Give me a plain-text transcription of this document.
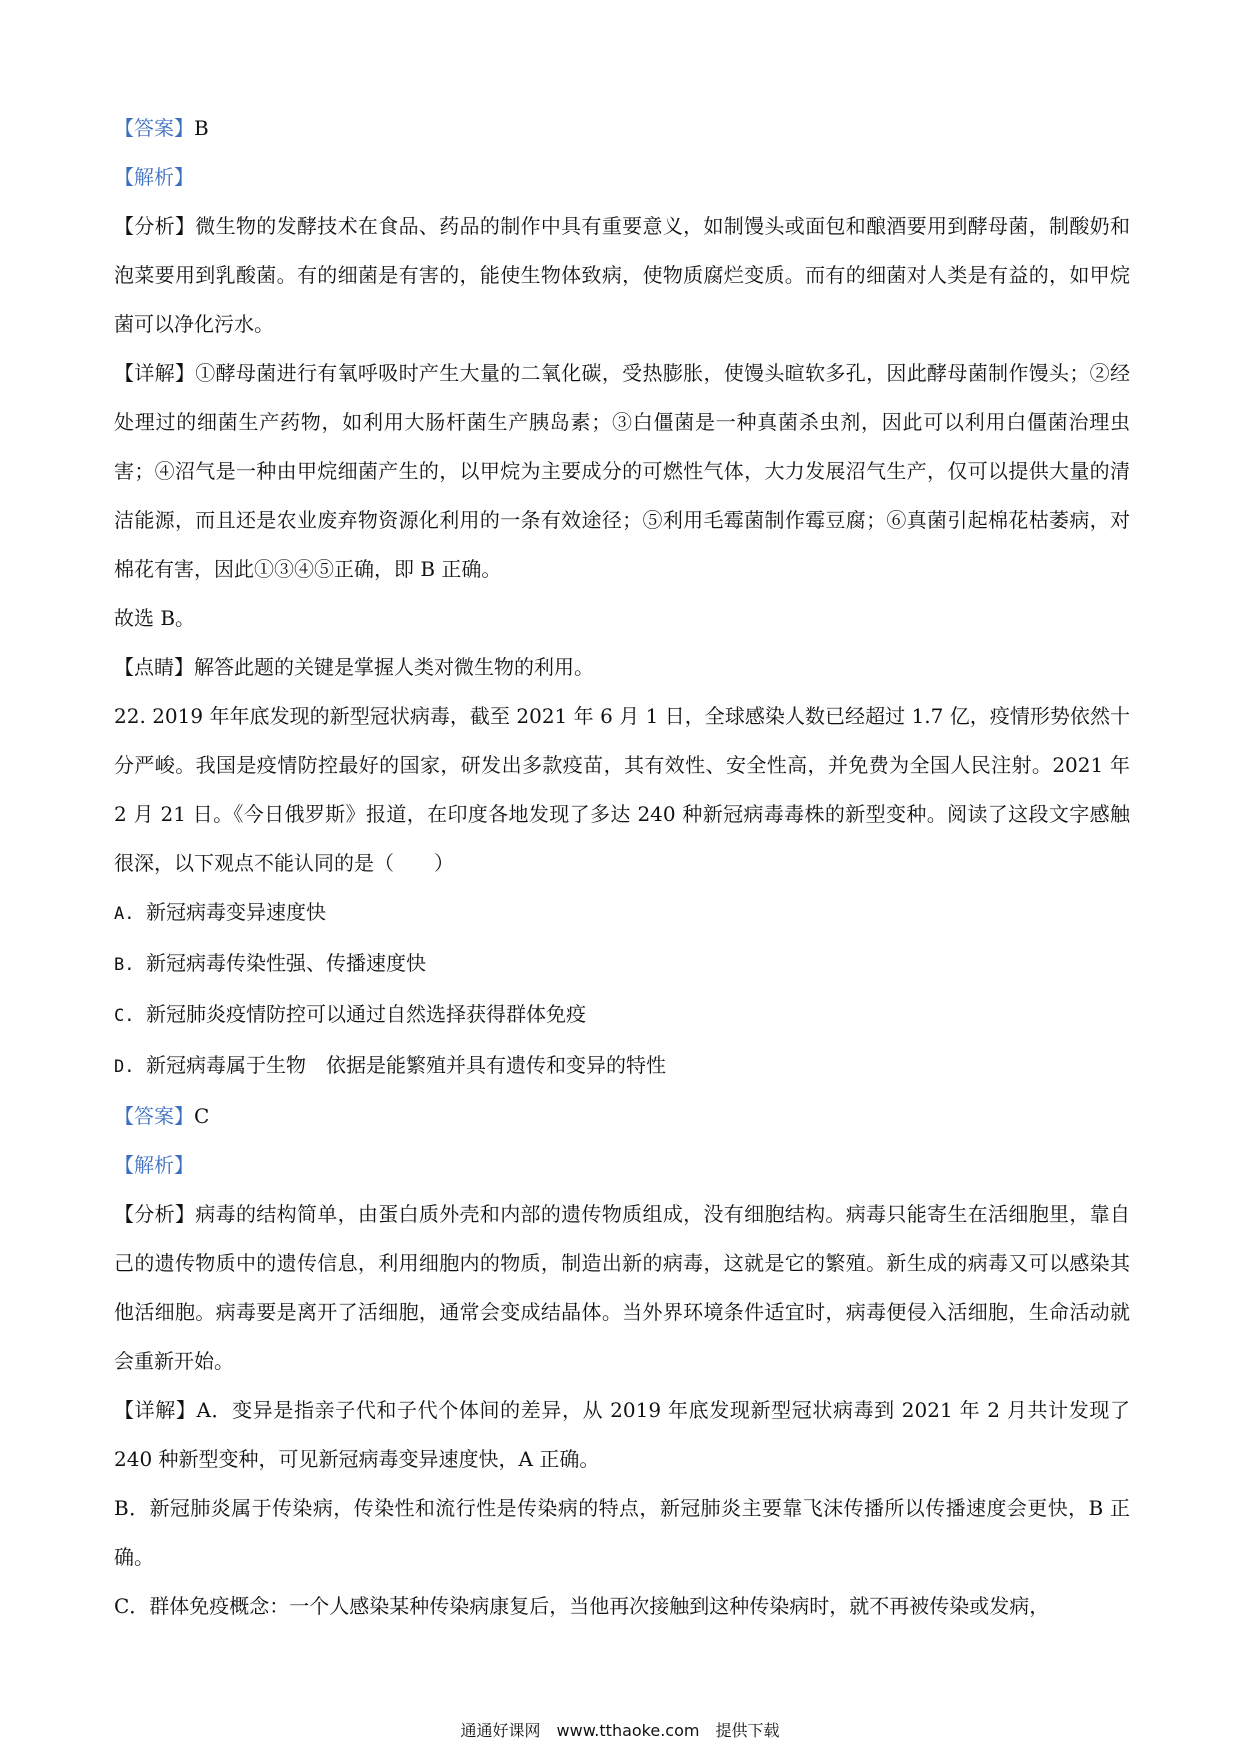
【答案】B

【解析】

【分析】微生物的发酵技术在食品、药品的制作中具有重要意义，如制馒头或面包和酿酒要用到酵母菌，制酸奶和泡菜要用到乳酸菌。有的细菌是有害的，能使生物体致病，使物质腐烂变质。而有的细菌对人类是有益的，如甲烷菌可以净化污水。

【详解】①酵母菌进行有氧呼吸时产生大量的二氧化碳，受热膨胀，使馒头暄软多孔，因此酵母菌制作馒头；②经处理过的细菌生产药物，如利用大肠杆菌生产胰岛素；③白僵菌是一种真菌杀虫剂，因此可以利用白僵菌治理虫害；④沼气是一种由甲烷细菌产生的，以甲烷为主要成分的可燃性气体，大力发展沼气生产，仅可以提供大量的清洁能源，而且还是农业废弃物资源化利用的一条有效途径；⑤利用毛霉菌制作霉豆腐；⑥真菌引起棉花枯萎病，对棉花有害，因此①③④⑤正确，即 B 正确。

故选 B。

【点睛】解答此题的关键是掌握人类对微生物的利用。

22. 2019 年年底发现的新型冠状病毒，截至 2021 年 6 月 1 日，全球感染人数已经超过 1.7 亿，疫情形势依然十分严峻。我国是疫情防控最好的国家，研发出多款疫苗，其有效性、安全性高，并免费为全国人民注射。2021 年 2 月 21 日。《今日俄罗斯》报道，在印度各地发现了多达 240 种新冠病毒毒株的新型变种。阅读了这段文字感触很深，以下观点不能认同的是（　　）

A. 新冠病毒变异速度快

B. 新冠病毒传染性强、传播速度快

C. 新冠肺炎疫情防控可以通过自然选择获得群体免疫

D. 新冠病毒属于生物　依据是能繁殖并具有遗传和变异的特性

【答案】C

【解析】

【分析】病毒的结构简单，由蛋白质外壳和内部的遗传物质组成，没有细胞结构。病毒只能寄生在活细胞里，靠自己的遗传物质中的遗传信息，利用细胞内的物质，制造出新的病毒，这就是它的繁殖。新生成的病毒又可以感染其他活细胞。病毒要是离开了活细胞，通常会变成结晶体。当外界环境条件适宜时，病毒便侵入活细胞，生命活动就会重新开始。

【详解】A．变异是指亲子代和子代个体间的差异，从 2019 年底发现新型冠状病毒到 2021 年 2 月共计发现了 240 种新型变种，可见新冠病毒变异速度快，A 正确。

B．新冠肺炎属于传染病，传染性和流行性是传染病的特点，新冠肺炎主要靠飞沫传播所以传播速度会更快，B 正确。

C．群体免疫概念：一个人感染某种传染病康复后，当他再次接触到这种传染病时，就不再被传染或发病，

通通好课网　www.tthaoke.com　提供下载
